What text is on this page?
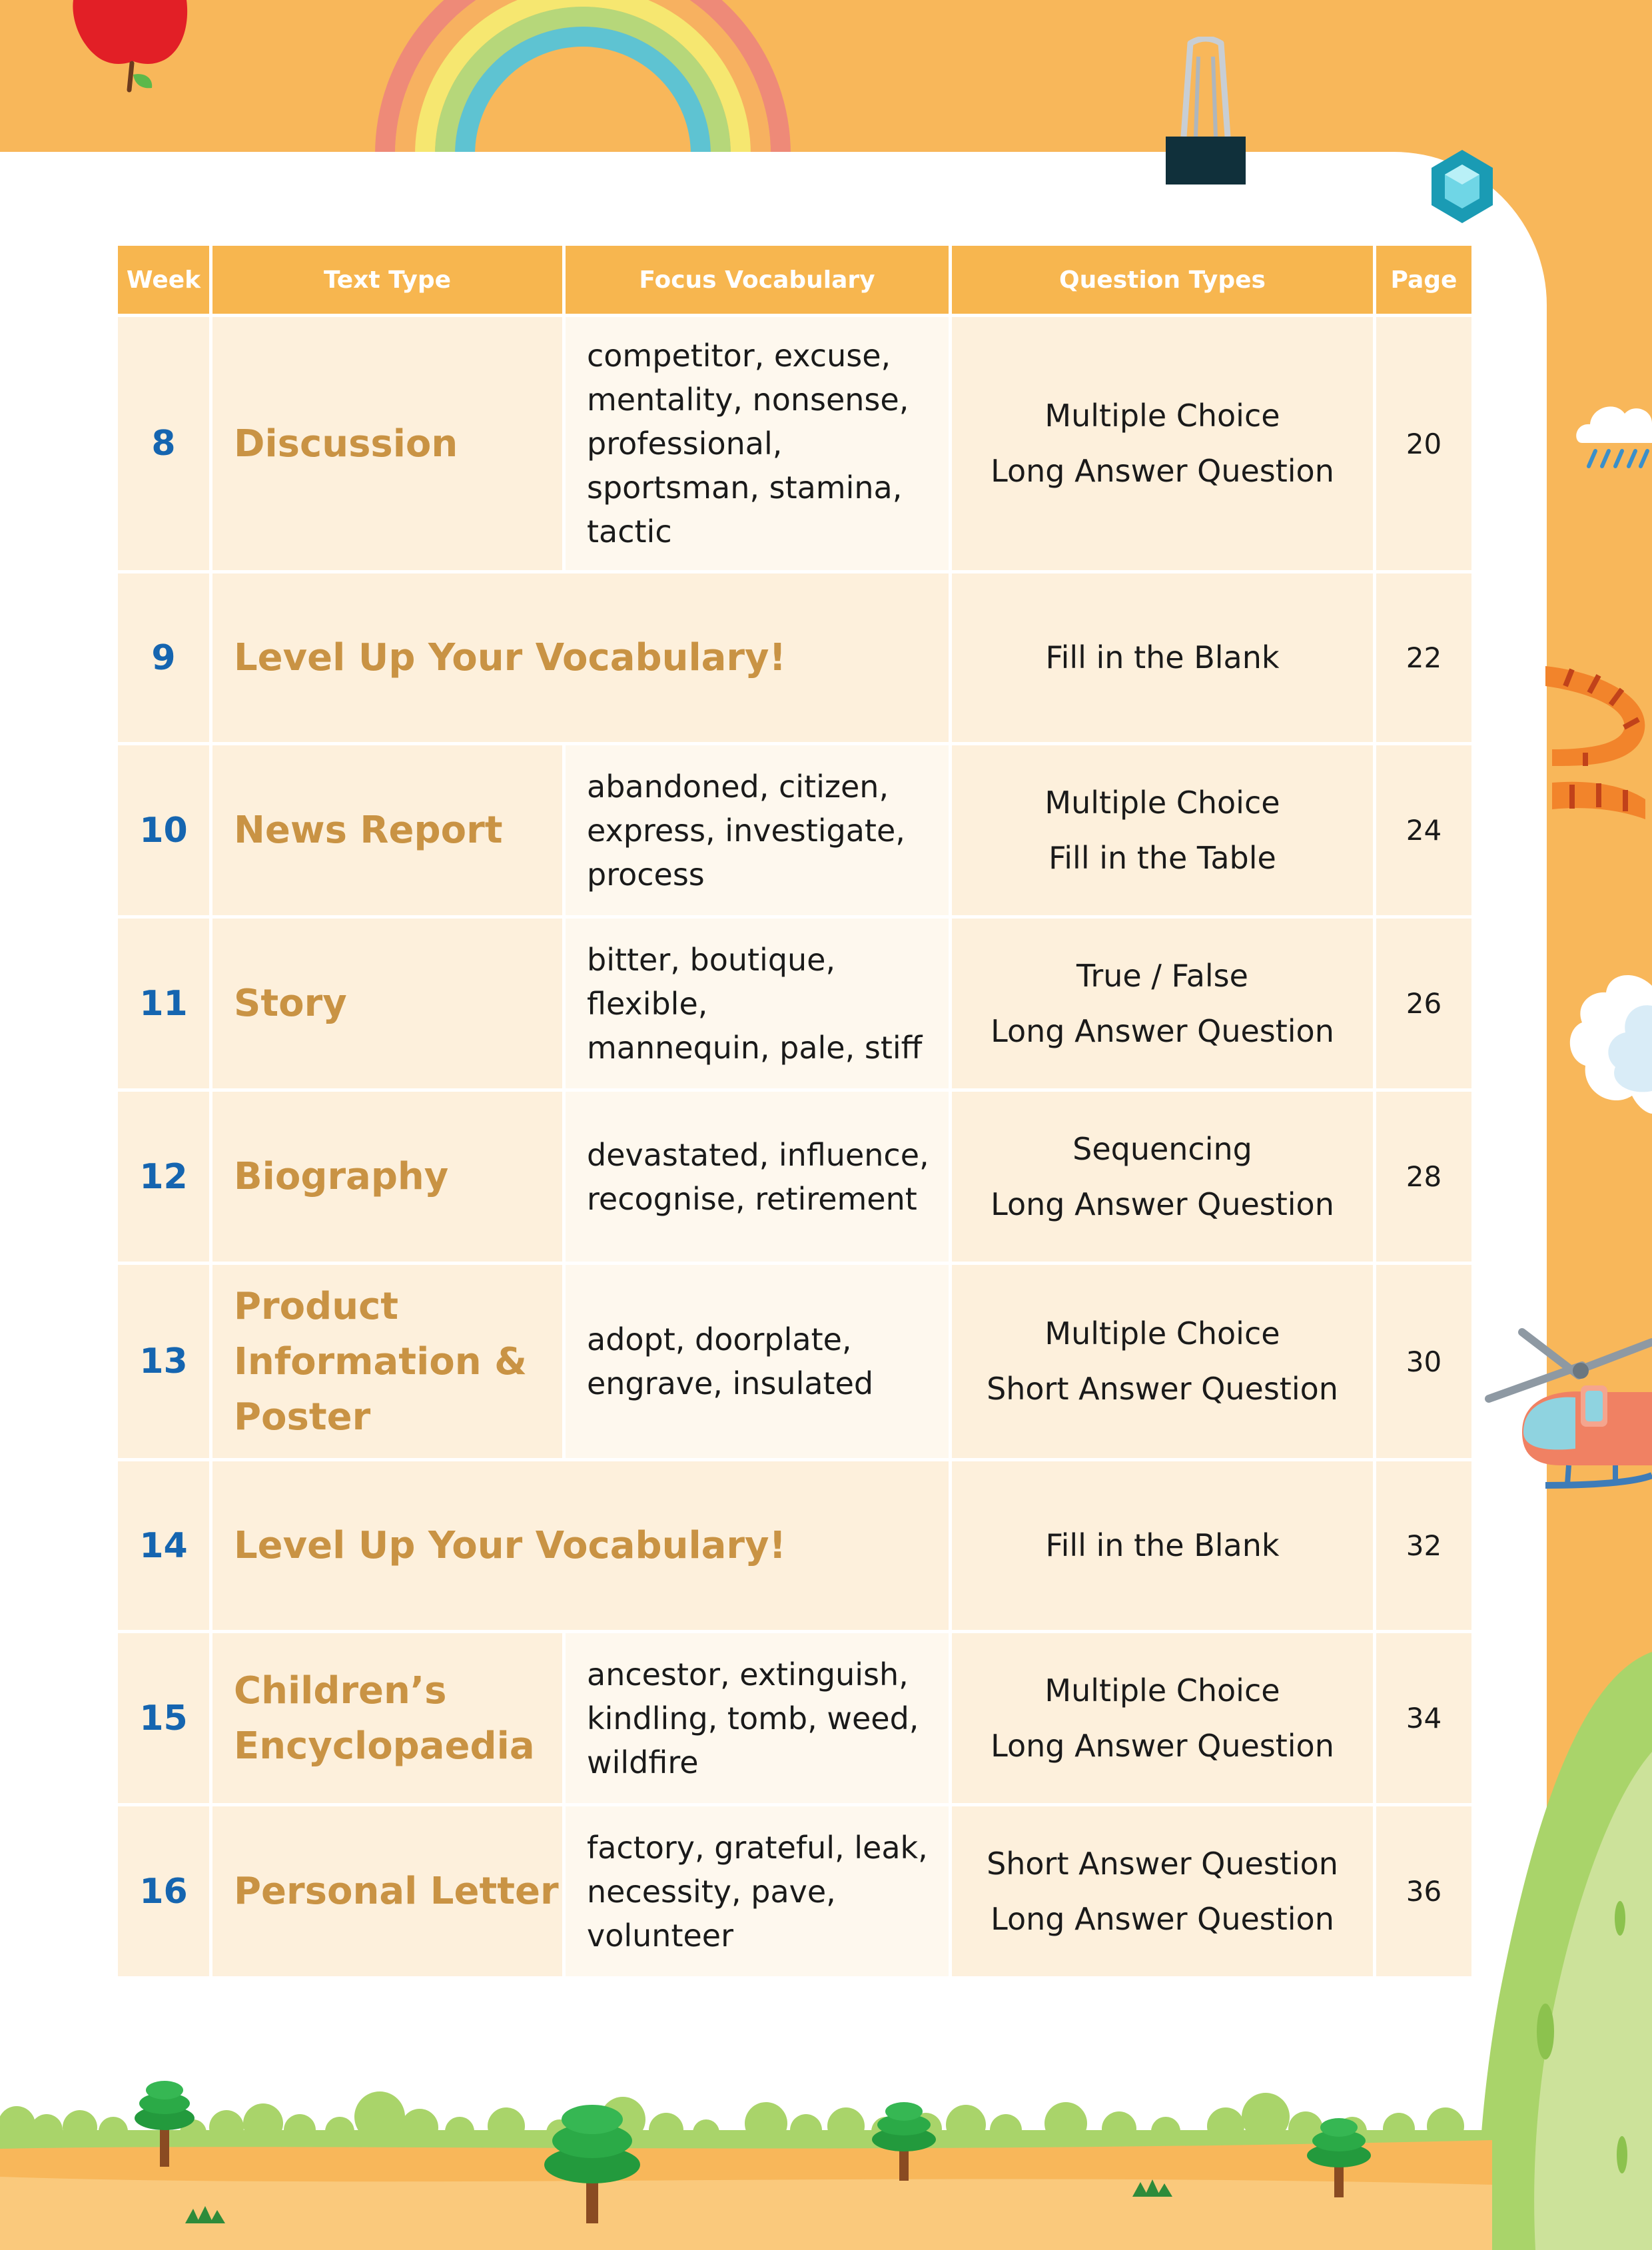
Week	Text Type	Focus Vocabulary	Question Types	Page
8	Discussion	competitor, excuse,
mentality, nonsense,
professional,
sportsman, stamina,
tactic	Multiple Choice
Long Answer Question	20
9	Level Up Your Vocabulary!		Fill in the Blank	22
10	News Report	abandoned, citizen,
express, investigate,
process	Multiple Choice
Fill in the Table	24
11	Story	bitter, boutique, flexible,
mannequin, pale, stiff	True / False
Long Answer Question	26
12	Biography	devastated, influence,
recognise, retirement	Sequencing
Long Answer Question	28
13	Product
Information &
Poster	adopt, doorplate,
engrave, insulated	Multiple Choice
Short Answer Question	30
14	Level Up Your Vocabulary!		Fill in the Blank	32
15	Children’s
Encyclopaedia	ancestor, extinguish,
kindling, tomb, weed,
wildfire	Multiple Choice
Long Answer Question	34
16	Personal Letter	factory, grateful, leak,
necessity, pave,
volunteer	Short Answer Question
Long Answer Question	36
